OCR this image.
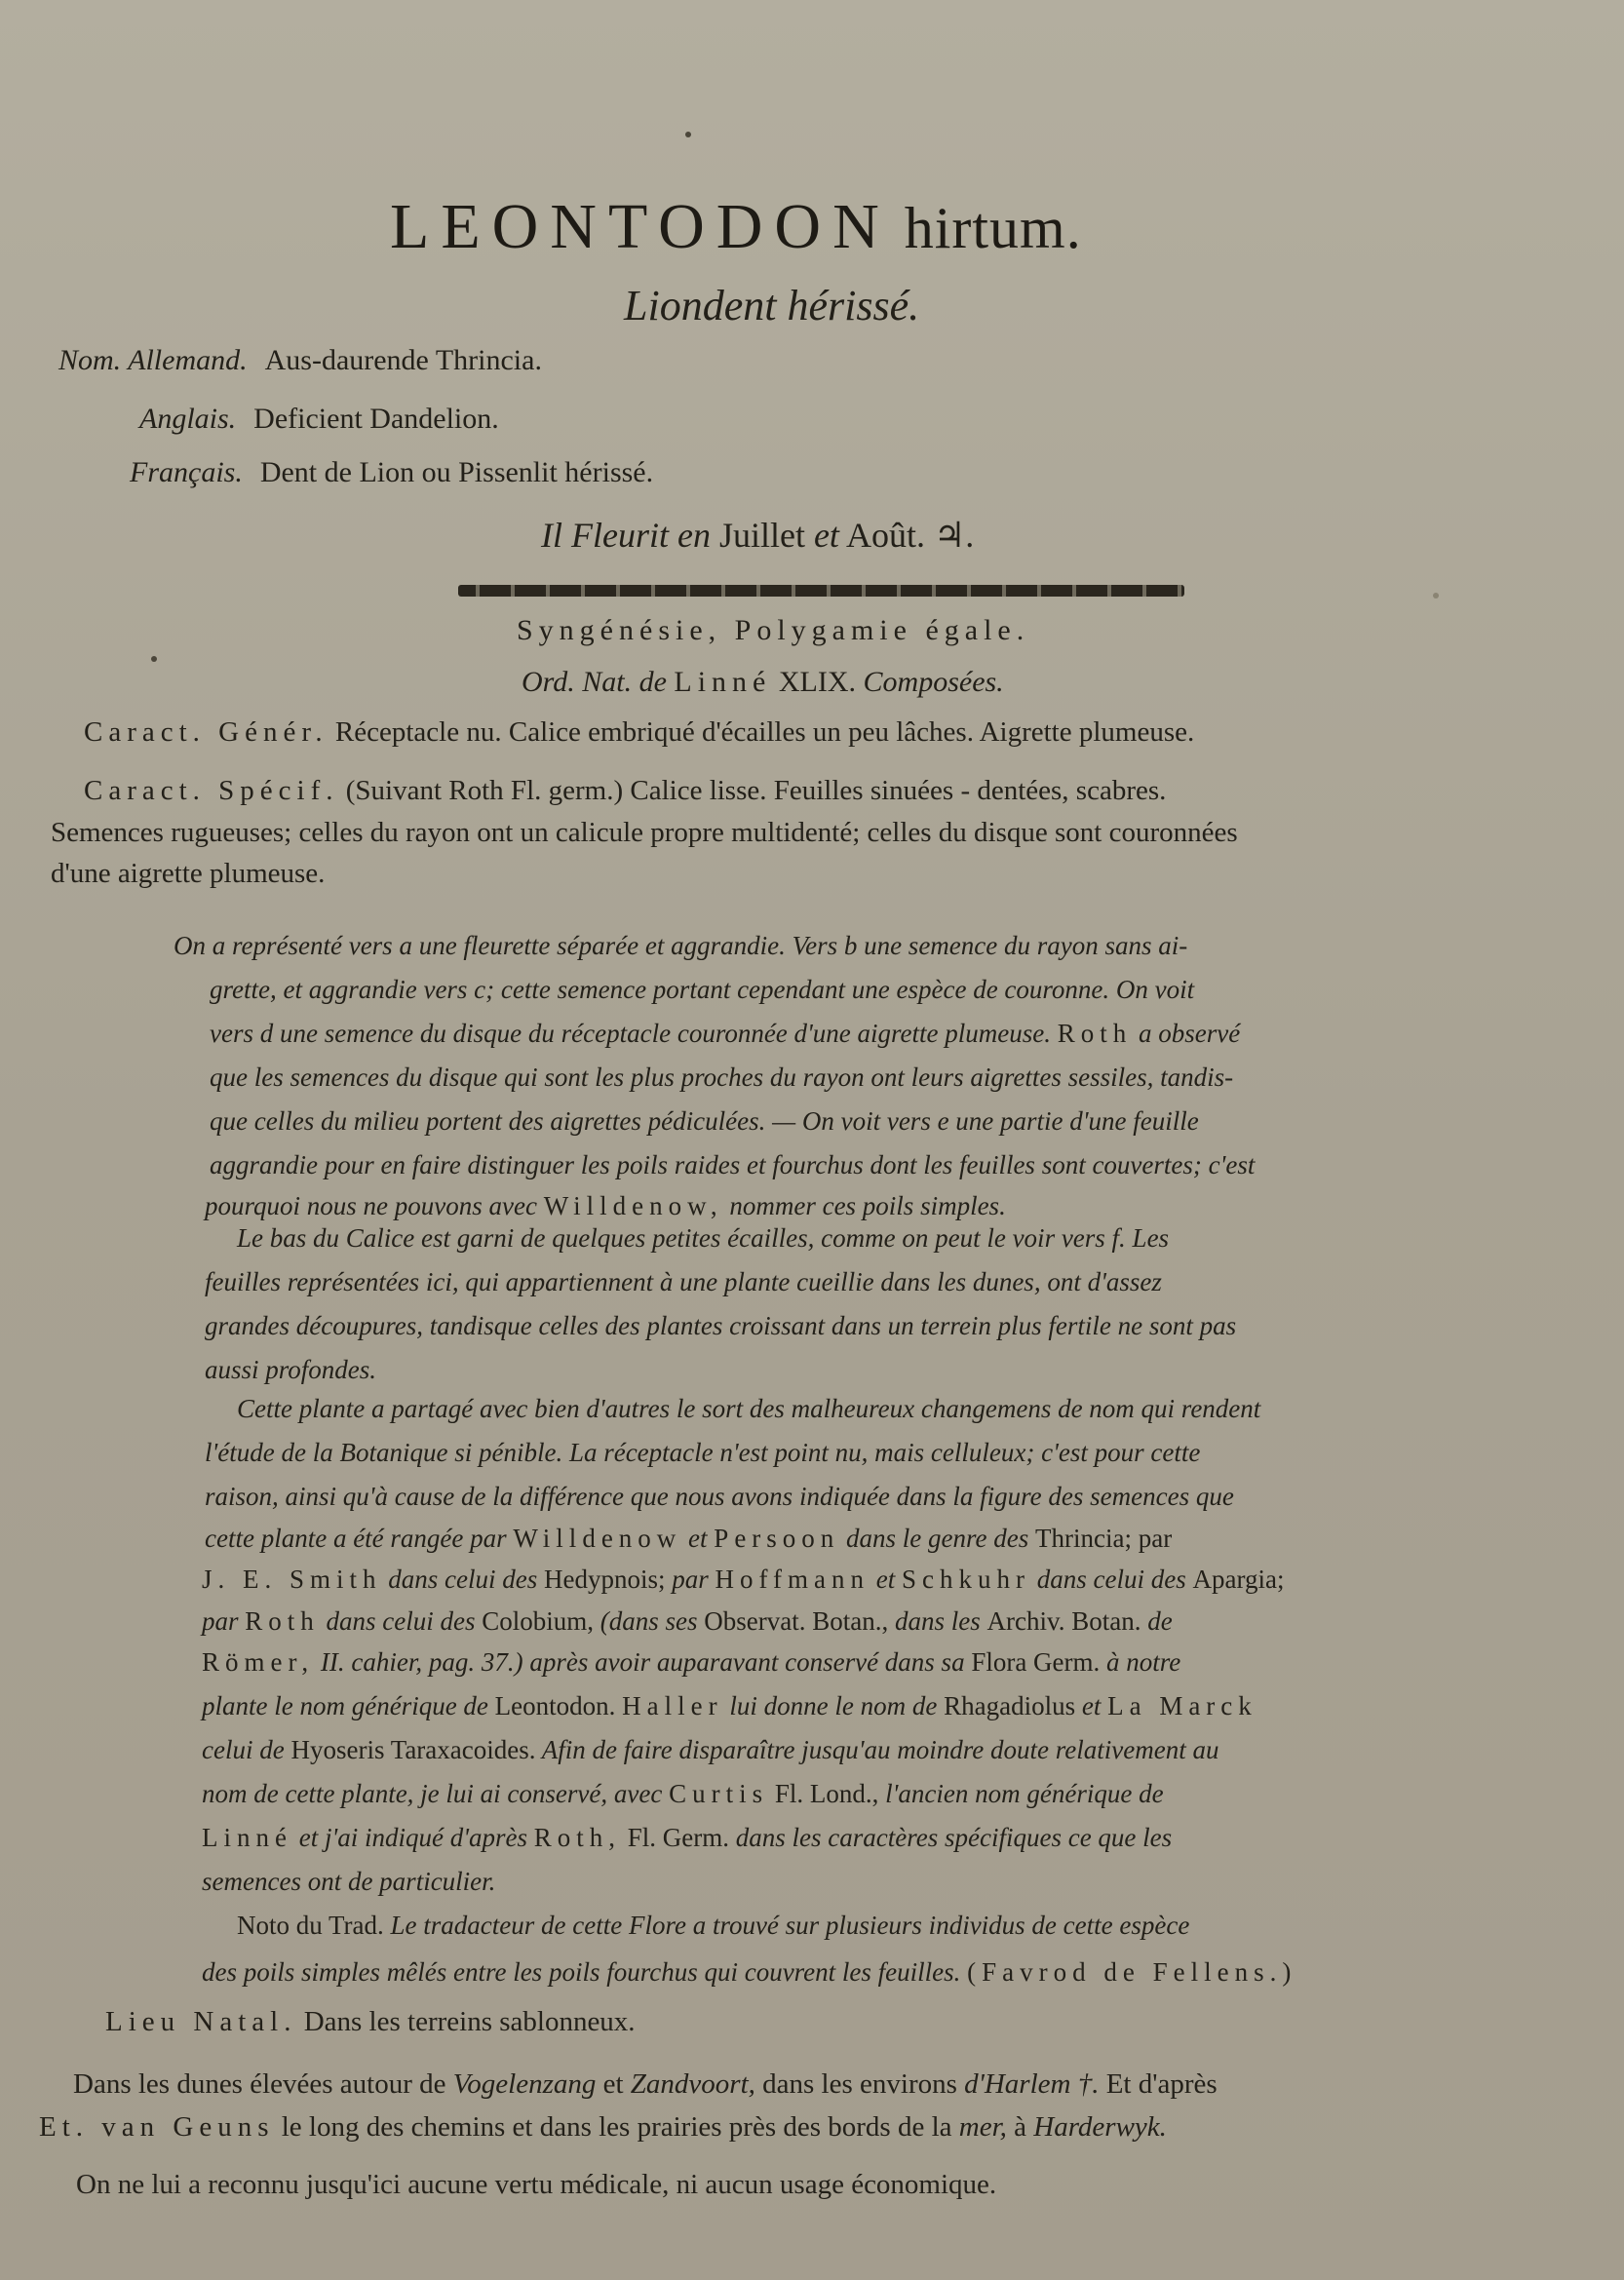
LEONTODON hirtum.
Liondent hérissé.
Nom. Allemand. Aus-daurende Thrincia.
Anglais. Deficient Dandelion.
Français. Dent de Lion ou Pissenlit hérissé.
Il Fleurit en Juillet et Août. ♃.
Syngénésie, Polygamie égale.
Ord. Nat. de Linné XLIX. Composées.
Caract. Génér. Réceptacle nu. Calice embriqué d'écailles un peu lâches. Aigrette plumeuse.
Caract. Spécif. (Suivant Roth Fl. germ.) Calice lisse. Feuilles sinuées - dentées, scabres.
Semences rugueuses; celles du rayon ont un calicule propre multidenté; celles du disque sont couronnées
d'une aigrette plumeuse.
On a représenté vers a une fleurette séparée et aggrandie. Vers b une semence du rayon sans ai-
grette, et aggrandie vers c; cette semence portant cependant une espèce de couronne. On voit
vers d une semence du disque du réceptacle couronnée d'une aigrette plumeuse. Roth a observé
que les semences du disque qui sont les plus proches du rayon ont leurs aigrettes sessiles, tandis-
que celles du milieu portent des aigrettes pédiculées. — On voit vers e une partie d'une feuille
aggrandie pour en faire distinguer les poils raides et fourchus dont les feuilles sont couvertes; c'est
pourquoi nous ne pouvons avec Willdenow, nommer ces poils simples.
Le bas du Calice est garni de quelques petites écailles, comme on peut le voir vers f. Les
feuilles représentées ici, qui appartiennent à une plante cueillie dans les dunes, ont d'assez
grandes découpures, tandisque celles des plantes croissant dans un terrein plus fertile ne sont pas
aussi profondes.
Cette plante a partagé avec bien d'autres le sort des malheureux changemens de nom qui rendent
l'étude de la Botanique si pénible. La réceptacle n'est point nu, mais celluleux; c'est pour cette
raison, ainsi qu'à cause de la différence que nous avons indiquée dans la figure des semences que
cette plante a été rangée par Willdenow et Persoon dans le genre des Thrincia; par
J. E. Smith dans celui des Hedypnois; par Hoffmann et Schkuhr dans celui des Apargia;
par Roth dans celui des Colobium, (dans ses Observat. Botan., dans les Archiv. Botan. de
Römer, II. cahier, pag. 37.) après avoir auparavant conservé dans sa Flora Germ. à notre
plante le nom générique de Leontodon. Haller lui donne le nom de Rhagadiolus et La Marck
celui de Hyoseris Taraxacoides. Afin de faire disparaître jusqu'au moindre doute relativement au
nom de cette plante, je lui ai conservé, avec Curtis Fl. Lond., l'ancien nom générique de
Linné et j'ai indiqué d'après Roth, Fl. Germ. dans les caractères spécifiques ce que les
semences ont de particulier.
Noto du Trad. Le tradacteur de cette Flore a trouvé sur plusieurs individus de cette espèce
des poils simples mêlés entre les poils fourchus qui couvrent les feuilles. (Favrod de Fellens.)
Lieu Natal. Dans les terreins sablonneux.
Dans les dunes élevées autour de Vogelenzang et Zandvoort, dans les environs d'Harlem †. Et d'après
Et. van Geuns le long des chemins et dans les prairies près des bords de la mer, à Harderwyk.
On ne lui a reconnu jusqu'ici aucune vertu médicale, ni aucun usage économique.
